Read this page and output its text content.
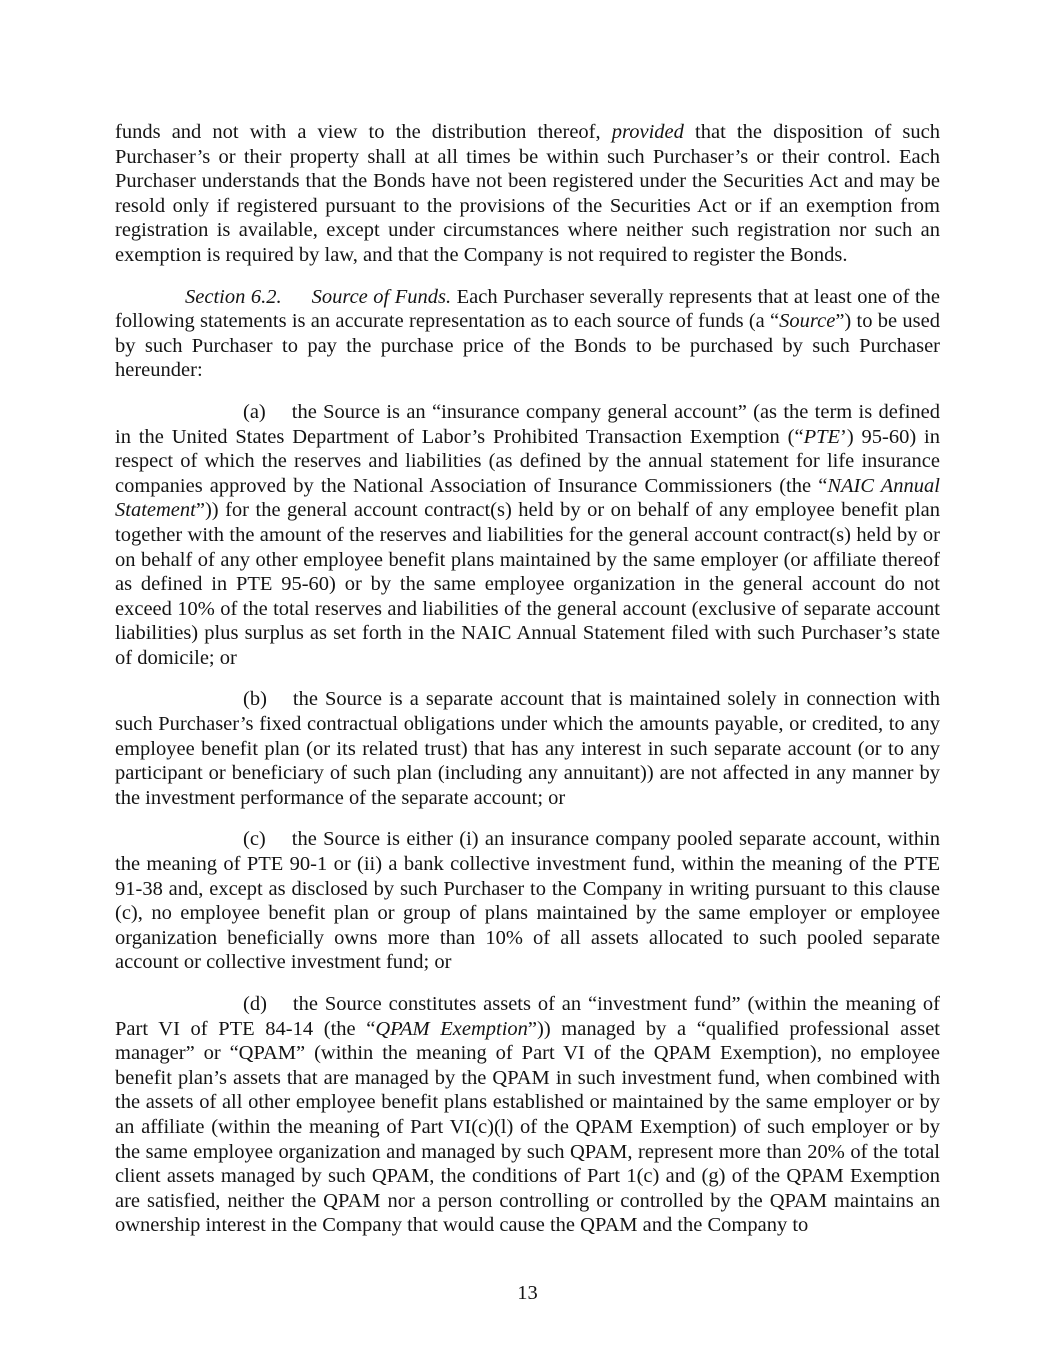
funds and not with a view to the distribution thereof, provided that the disposition of such Purchaser’s or their property shall at all times be within such Purchaser’s or their control. Each Purchaser understands that the Bonds have not been registered under the Securities Act and may be resold only if registered pursuant to the provisions of the Securities Act or if an exemption from registration is available, except under circumstances where neither such registration nor such an exemption is required by law, and that the Company is not required to register the Bonds.

Section 6.2. Source of Funds. Each Purchaser severally represents that at least one of the following statements is an accurate representation as to each source of funds (a “Source”) to be used by such Purchaser to pay the purchase price of the Bonds to be purchased by such Purchaser hereunder:

(a) the Source is an “insurance company general account” (as the term is defined in the United States Department of Labor’s Prohibited Transaction Exemption (“PTE’) 95-60) in respect of which the reserves and liabilities (as defined by the annual statement for life insurance companies approved by the National Association of Insurance Commissioners (the “NAIC Annual Statement”)) for the general account contract(s) held by or on behalf of any employee benefit plan together with the amount of the reserves and liabilities for the general account contract(s) held by or on behalf of any other employee benefit plans maintained by the same employer (or affiliate thereof as defined in PTE 95-60) or by the same employee organization in the general account do not exceed 10% of the total reserves and liabilities of the general account (exclusive of separate account liabilities) plus surplus as set forth in the NAIC Annual Statement filed with such Purchaser’s state of domicile; or

(b) the Source is a separate account that is maintained solely in connection with such Purchaser’s fixed contractual obligations under which the amounts payable, or credited, to any employee benefit plan (or its related trust) that has any interest in such separate account (or to any participant or beneficiary of such plan (including any annuitant)) are not affected in any manner by the investment performance of the separate account; or

(c) the Source is either (i) an insurance company pooled separate account, within the meaning of PTE 90-1 or (ii) a bank collective investment fund, within the meaning of the PTE 91-38 and, except as disclosed by such Purchaser to the Company in writing pursuant to this clause (c), no employee benefit plan or group of plans maintained by the same employer or employee organization beneficially owns more than 10% of all assets allocated to such pooled separate account or collective investment fund; or

(d) the Source constitutes assets of an “investment fund” (within the meaning of Part VI of PTE 84-14 (the “QPAM Exemption”)) managed by a “qualified professional asset manager” or “QPAM” (within the meaning of Part VI of the QPAM Exemption), no employee benefit plan’s assets that are managed by the QPAM in such investment fund, when combined with the assets of all other employee benefit plans established or maintained by the same employer or by an affiliate (within the meaning of Part VI(c)(l) of the QPAM Exemption) of such employer or by the same employee organization and managed by such QPAM, represent more than 20% of the total client assets managed by such QPAM, the conditions of Part 1(c) and (g) of the QPAM Exemption are satisfied, neither the QPAM nor a person controlling or controlled by the QPAM maintains an ownership interest in the Company that would cause the QPAM and the Company to

13
